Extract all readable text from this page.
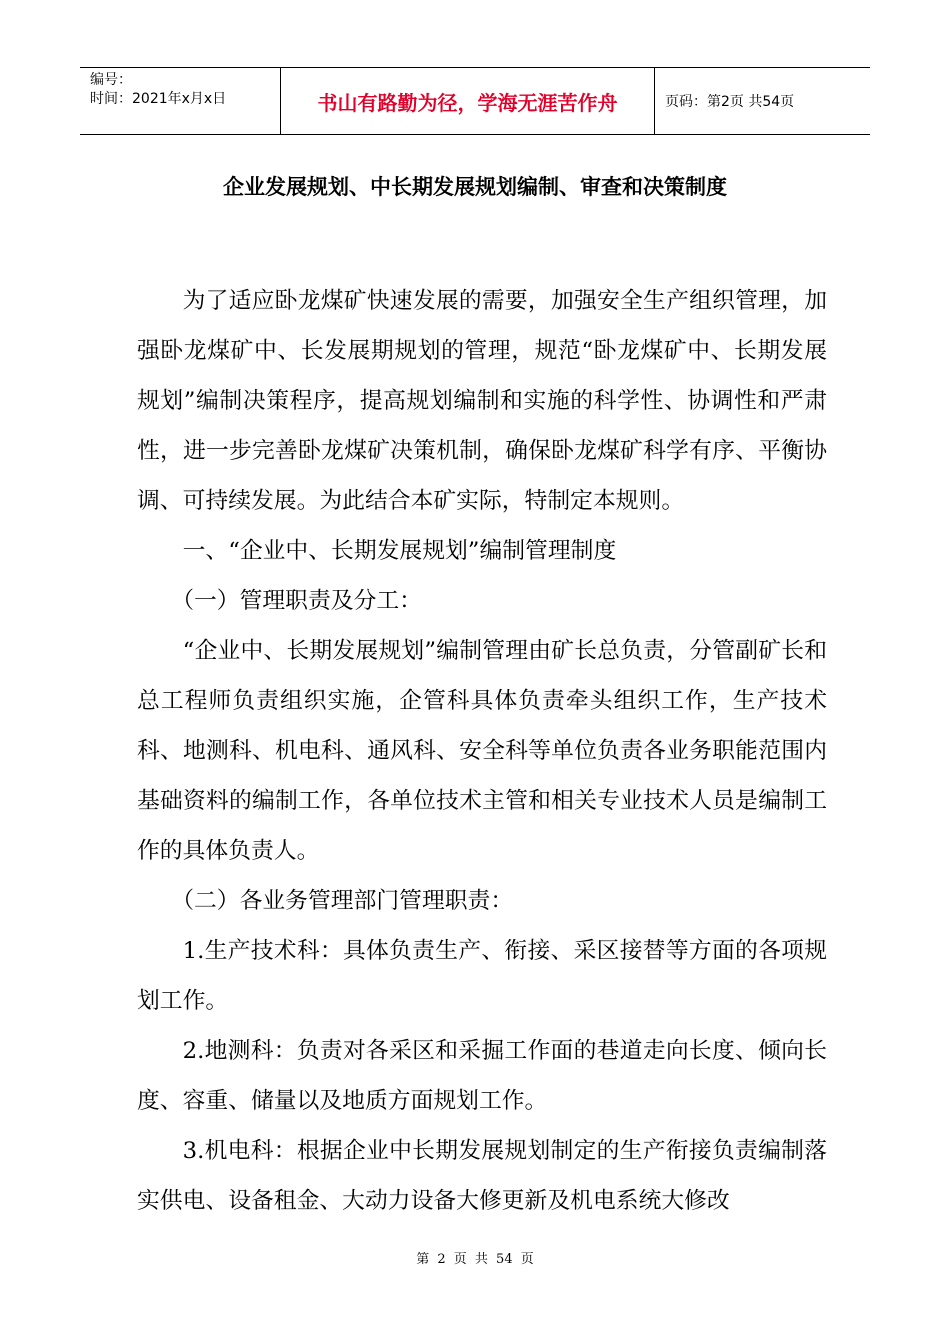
编号：
时间：2021年x月x日	书山有路勤为径，学海无涯苦作舟	页码：第2页 共54页
企业发展规划、中长期发展规划编制、审查和决策制度

为了适应卧龙煤矿快速发展的需要，加强安全生产组织管理，加强卧龙煤矿中、长发展期规划的管理，规范“卧龙煤矿中、长期发展规划”编制决策程序，提高规划编制和实施的科学性、协调性和严肃性，进一步完善卧龙煤矿决策机制，确保卧龙煤矿科学有序、平衡协调、可持续发展。为此结合本矿实际，特制定本规则。

一、“企业中、长期发展规划”编制管理制度

（一）管理职责及分工：

“企业中、长期发展规划”编制管理由矿长总负责，分管副矿长和总工程师负责组织实施，企管科具体负责牵头组织工作，生产技术科、地测科、机电科、通风科、安全科等单位负责各业务职能范围内基础资料的编制工作，各单位技术主管和相关专业技术人员是编制工作的具体负责人。

（二）各业务管理部门管理职责：

1.生产技术科：具体负责生产、衔接、采区接替等方面的各项规划工作。

2.地测科：负责对各采区和采掘工作面的巷道走向长度、倾向长度、容重、储量以及地质方面规划工作。

3.机电科：根据企业中长期发展规划制定的生产衔接负责编制落实供电、设备租金、大动力设备大修更新及机电系统大修改

第 2 页 共 54 页
